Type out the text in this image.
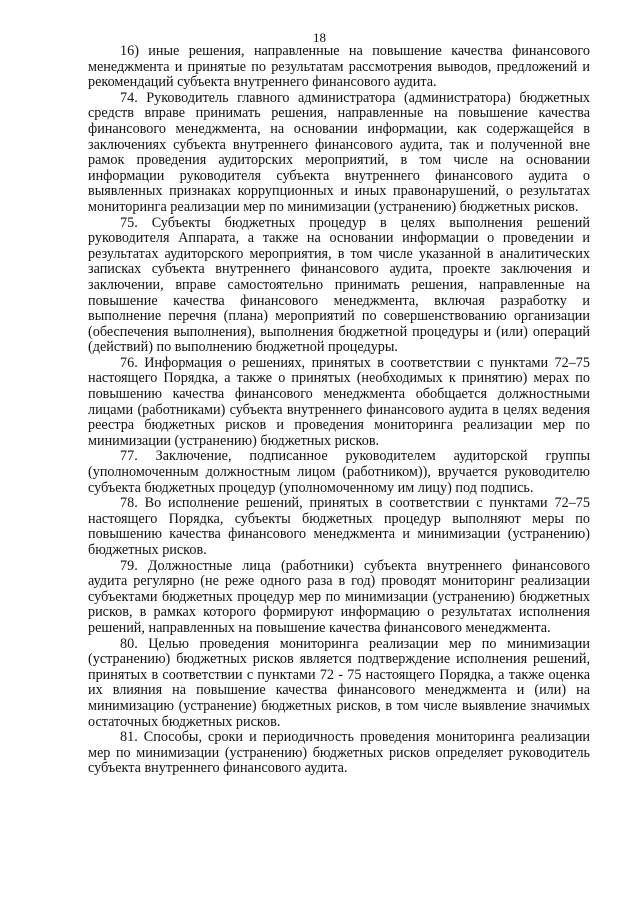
18

16) иные решения, направленные на повышение качества финансового менеджмента и принятые по результатам рассмотрения выводов, предложений и рекомендаций субъекта внутреннего финансового аудита.

74. Руководитель главного администратора (администратора) бюджетных средств вправе принимать решения, направленные на повышение качества финансового менеджмента, на основании информации, как содержащейся в заключениях субъекта внутреннего финансового аудита, так и полученной вне рамок проведения аудиторских мероприятий, в том числе на основании информации руководителя субъекта внутреннего финансового аудита о выявленных признаках коррупционных и иных правонарушений, о результатах мониторинга реализации мер по минимизации (устранению) бюджетных рисков.

75. Субъекты бюджетных процедур в целях выполнения решений руководителя Аппарата, а также на основании информации о проведении и результатах аудиторского мероприятия, в том числе указанной в аналитических записках субъекта внутреннего финансового аудита, проекте заключения и заключении, вправе самостоятельно принимать решения, направленные на повышение качества финансового менеджмента, включая разработку и выполнение перечня (плана) мероприятий по совершенствованию организации (обеспечения выполнения), выполнения бюджетной процедуры и (или) операций (действий) по выполнению бюджетной процедуры.

76. Информация о решениях, принятых в соответствии с пунктами 72–75 настоящего Порядка, а также о принятых (необходимых к принятию) мерах по повышению качества финансового менеджмента обобщается должностными лицами (работниками) субъекта внутреннего финансового аудита в целях ведения реестра бюджетных рисков и проведения мониторинга реализации мер по минимизации (устранению) бюджетных рисков.

77. Заключение, подписанное руководителем аудиторской группы (уполномоченным должностным лицом (работником)), вручается руководителю субъекта бюджетных процедур (уполномоченному им лицу) под подпись.

78. Во исполнение решений, принятых в соответствии с пунктами 72–75 настоящего Порядка, субъекты бюджетных процедур выполняют меры по повышению качества финансового менеджмента и минимизации (устранению) бюджетных рисков.

79. Должностные лица (работники) субъекта внутреннего финансового аудита регулярно (не реже одного раза в год) проводят мониторинг реализации субъектами бюджетных процедур мер по минимизации (устранению) бюджетных рисков, в рамках которого формируют информацию о результатах исполнения решений, направленных на повышение качества финансового менеджмента.

80. Целью проведения мониторинга реализации мер по минимизации (устранению) бюджетных рисков является подтверждение исполнения решений, принятых в соответствии с пунктами 72 - 75 настоящего Порядка, а также оценка их влияния на повышение качества финансового менеджмента и (или) на минимизацию (устранение) бюджетных рисков, в том числе выявление значимых остаточных бюджетных рисков.

81. Способы, сроки и периодичность проведения мониторинга реализации мер по минимизации (устранению) бюджетных рисков определяет руководитель субъекта внутреннего финансового аудита.
